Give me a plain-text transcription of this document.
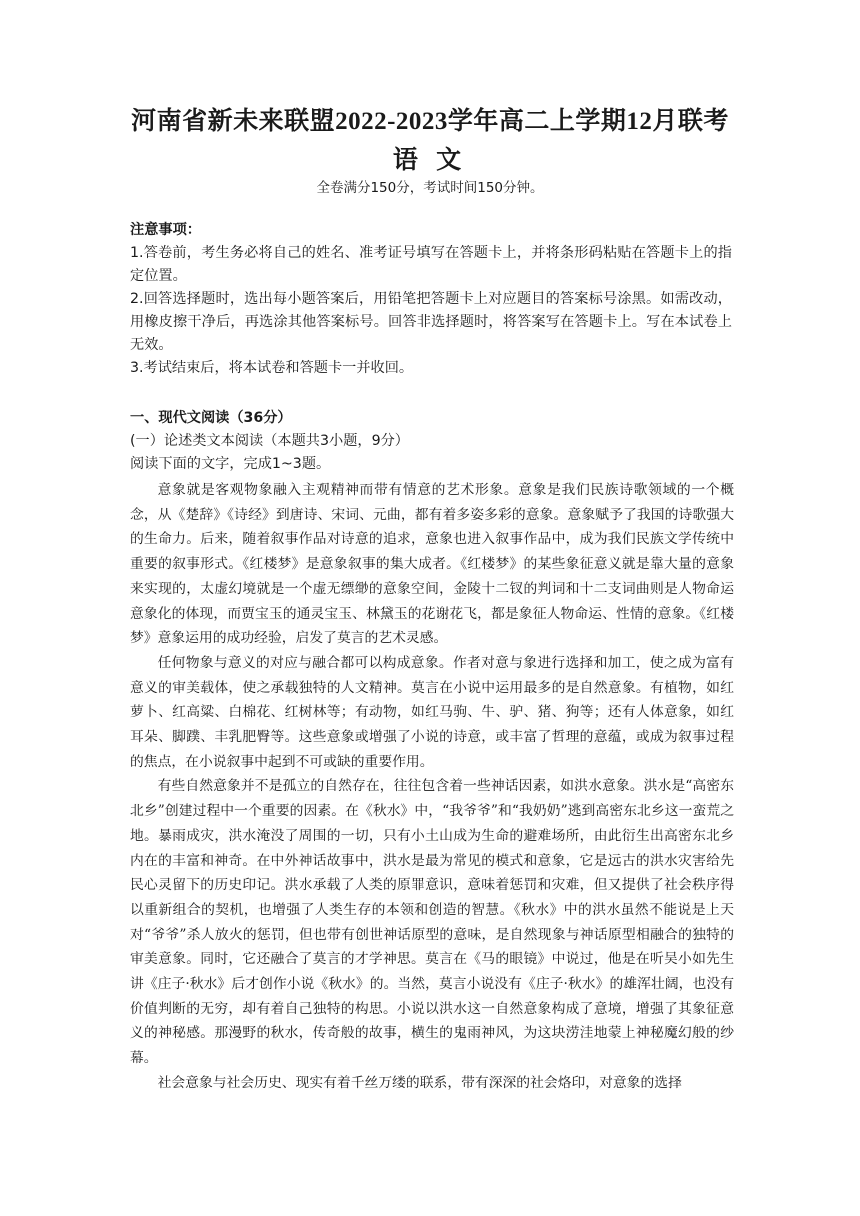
河南省新未来联盟2022-2023学年高二上学期12月联考
语 文
全卷满分150分，考试时间150分钟。

注意事项：

1.答卷前，考生务必将自己的姓名、准考证号填写在答题卡上，并将条形码粘贴在答题卡上的指定位置。

2.回答选择题时，选出每小题答案后，用铅笔把答题卡上对应题目的答案标号涂黑。如需改动，用橡皮擦干净后，再选涂其他答案标号。回答非选择题时，将答案写在答题卡上。写在本试卷上无效。

3.考试结束后，将本试卷和答题卡一并收回。

一、现代文阅读（36分）

(一）论述类文本阅读（本题共3小题，9分）

阅读下面的文字，完成1~3题。

意象就是客观物象融入主观精神而带有情意的艺术形象。意象是我们民族诗歌领域的一个概念，从《楚辞》《诗经》到唐诗、宋词、元曲，都有着多姿多彩的意象。意象赋予了我国的诗歌强大的生命力。后来，随着叙事作品对诗意的追求，意象也进入叙事作品中，成为我们民族文学传统中重要的叙事形式。《红楼梦》是意象叙事的集大成者。《红楼梦》的某些象征意义就是靠大量的意象来实现的，太虚幻境就是一个虚无缥缈的意象空间，金陵十二钗的判词和十二支词曲则是人物命运意象化的体现，而贾宝玉的通灵宝玉、林黛玉的花谢花飞，都是象征人物命运、性情的意象。《红楼梦》意象运用的成功经验，启发了莫言的艺术灵感。

任何物象与意义的对应与融合都可以构成意象。作者对意与象进行选择和加工，使之成为富有意义的审美载体，使之承载独特的人文精神。莫言在小说中运用最多的是自然意象。有植物，如红萝卜、红高粱、白棉花、红树林等；有动物，如红马驹、牛、驴、猪、狗等；还有人体意象，如红耳朵、脚蹼、丰乳肥臀等。这些意象或增强了小说的诗意，或丰富了哲理的意蕴，或成为叙事过程的焦点，在小说叙事中起到不可或缺的重要作用。

有些自然意象并不是孤立的自然存在，往往包含着一些神话因素，如洪水意象。洪水是“高密东北乡”创建过程中一个重要的因素。在《秋水》中，“我爷爷”和“我奶奶”逃到高密东北乡这一蛮荒之地。暴雨成灾，洪水淹没了周围的一切，只有小土山成为生命的避难场所，由此衍生出高密东北乡内在的丰富和神奇。在中外神话故事中，洪水是最为常见的模式和意象，它是远古的洪水灾害给先民心灵留下的历史印记。洪水承载了人类的原罪意识，意味着惩罚和灾难，但又提供了社会秩序得以重新组合的契机，也增强了人类生存的本领和创造的智慧。《秋水》中的洪水虽然不能说是上天对“爷爷”杀人放火的惩罚，但也带有创世神话原型的意味，是自然现象与神话原型相融合的独特的审美意象。同时，它还融合了莫言的才学神思。莫言在《马的眼镜》中说过，他是在听吴小如先生讲《庄子·秋水》后才创作小说《秋水》的。当然，莫言小说没有《庄子·秋水》的雄浑壮阔，也没有价值判断的无穷，却有着自己独特的构思。小说以洪水这一自然意象构成了意境，增强了其象征意义的神秘感。那漫野的秋水，传奇般的故事，横生的鬼雨神风，为这块涝洼地蒙上神秘魔幻般的纱幕。

社会意象与社会历史、现实有着千丝万缕的联系，带有深深的社会烙印，对意象的选择
